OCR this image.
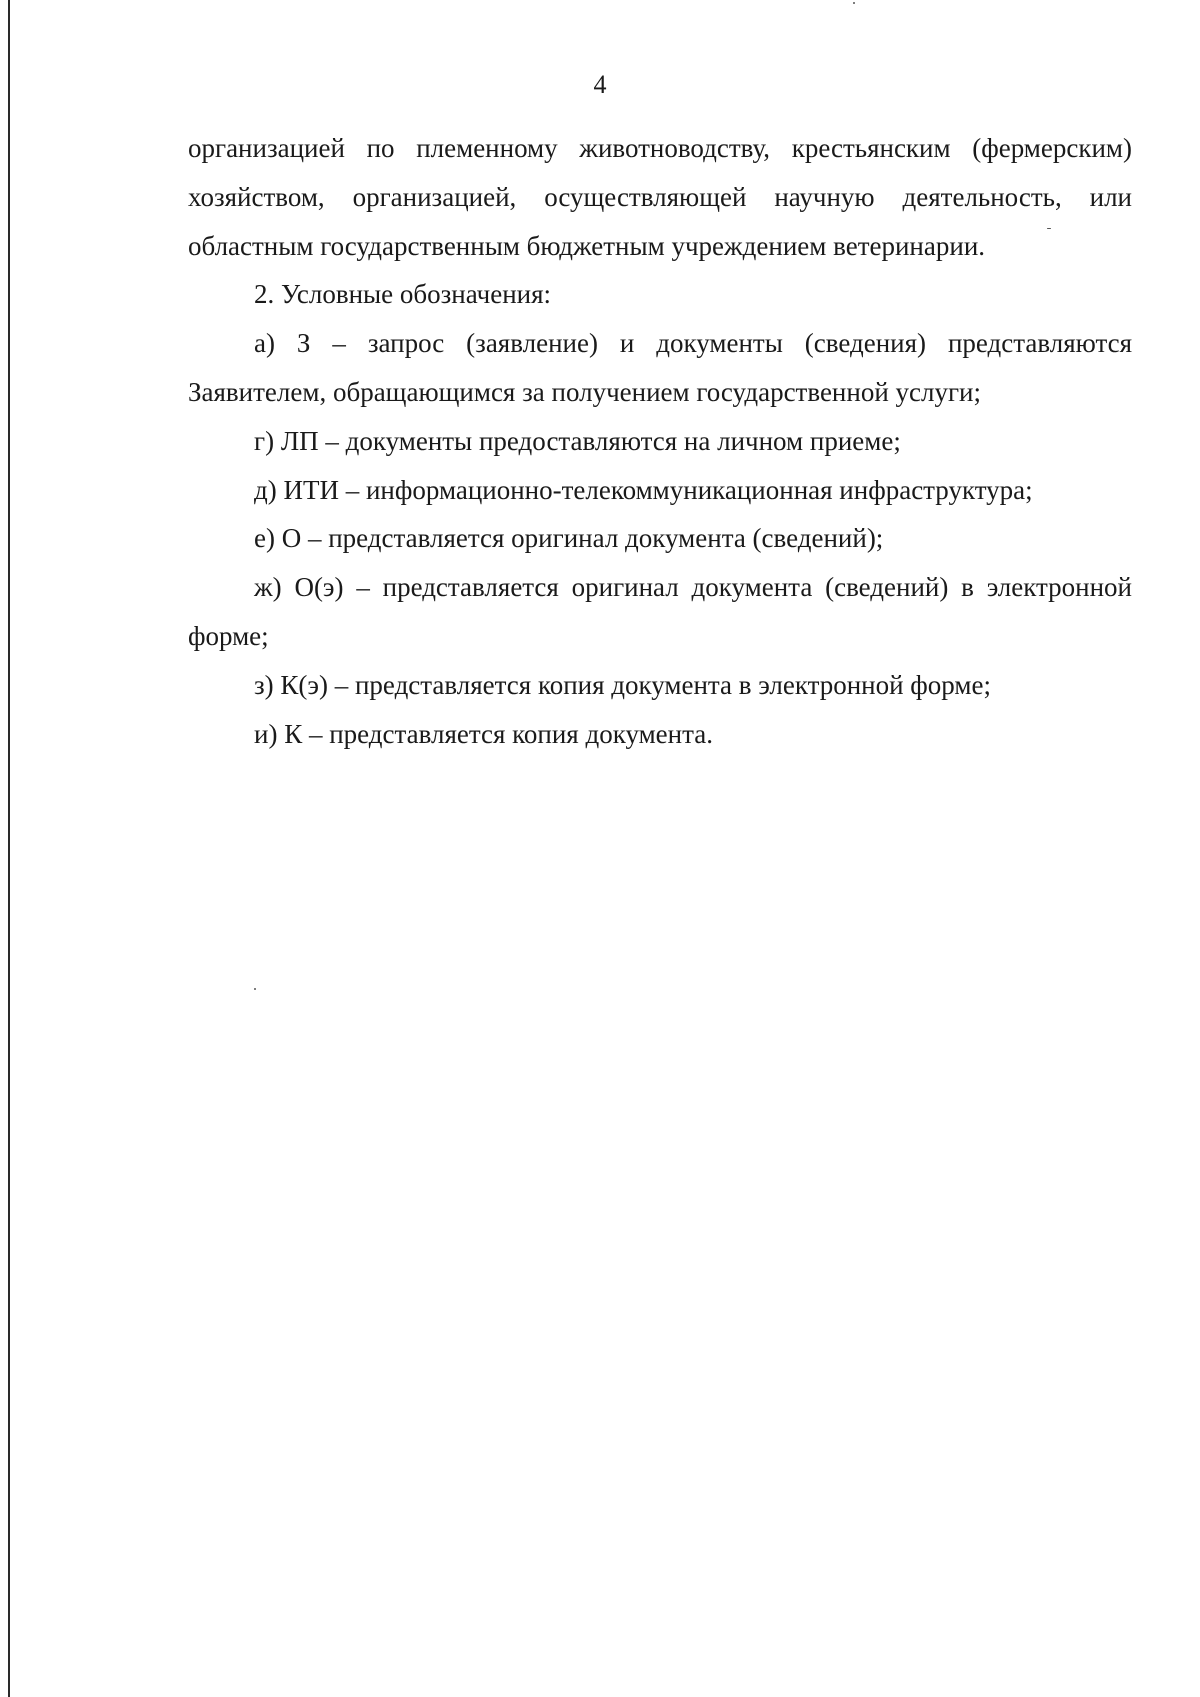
4

организацией по племенному животноводству, крестьянским (фермерским) хозяйством, организацией, осуществляющей научную деятельность, или областным государственным бюджетным учреждением ветеринарии.

2. Условные обозначения:

а) З – запрос (заявление) и документы (сведения) представляются Заявителем, обращающимся за получением государственной услуги;

г) ЛП – документы предоставляются на личном приеме;

д) ИТИ – информационно-телекоммуникационная инфраструктура;

е) О – представляется оригинал документа (сведений);

ж) О(э) – представляется оригинал документа (сведений) в электронной форме;

з) К(э) – представляется копия документа в электронной форме;

и) К – представляется копия документа.
